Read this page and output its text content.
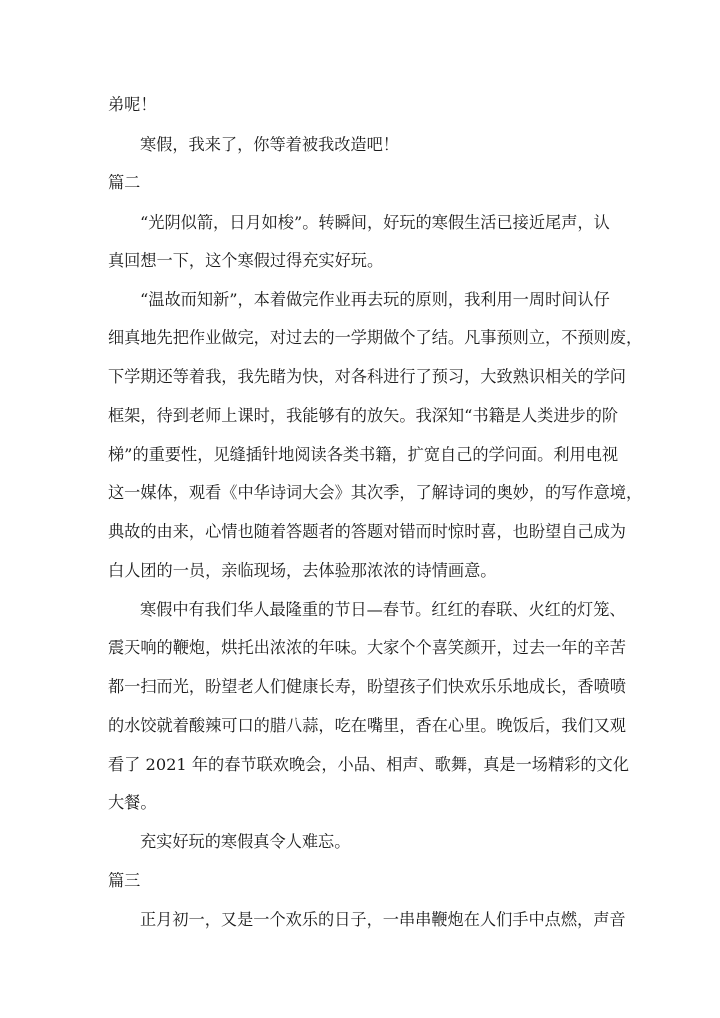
弟呢！
寒假，我来了，你等着被我改造吧！
篇二
“光阴似箭，日月如梭”。转瞬间，好玩的寒假生活已接近尾声，认
真回想一下，这个寒假过得充实好玩。
“温故而知新”，本着做完作业再去玩的原则，我利用一周时间认仔
细真地先把作业做完，对过去的一学期做个了结。凡事预则立，不预则废，
下学期还等着我，我先睹为快，对各科进行了预习，大致熟识相关的学问
框架，待到老师上课时，我能够有的放矢。我深知“书籍是人类进步的阶
梯”的重要性，见缝插针地阅读各类书籍，扩宽自己的学问面。利用电视
这一媒体，观看《中华诗词大会》其次季，了解诗词的奥妙，的写作意境，
典故的由来，心情也随着答题者的答题对错而时惊时喜，也盼望自己成为
白人团的一员，亲临现场，去体验那浓浓的诗情画意。
寒假中有我们华人最隆重的节日—春节。红红的春联、火红的灯笼、
震天响的鞭炮，烘托出浓浓的年味。大家个个喜笑颜开，过去一年的辛苦
都一扫而光，盼望老人们健康长寿，盼望孩子们快欢乐乐地成长，香喷喷
的水饺就着酸辣可口的腊八蒜，吃在嘴里，香在心里。晚饭后，我们又观
看了 2021 年的春节联欢晚会，小品、相声、歌舞，真是一场精彩的文化
大餐。
充实好玩的寒假真令人难忘。
篇三
正月初一，又是一个欢乐的日子，一串串鞭炮在人们手中点燃，声音
